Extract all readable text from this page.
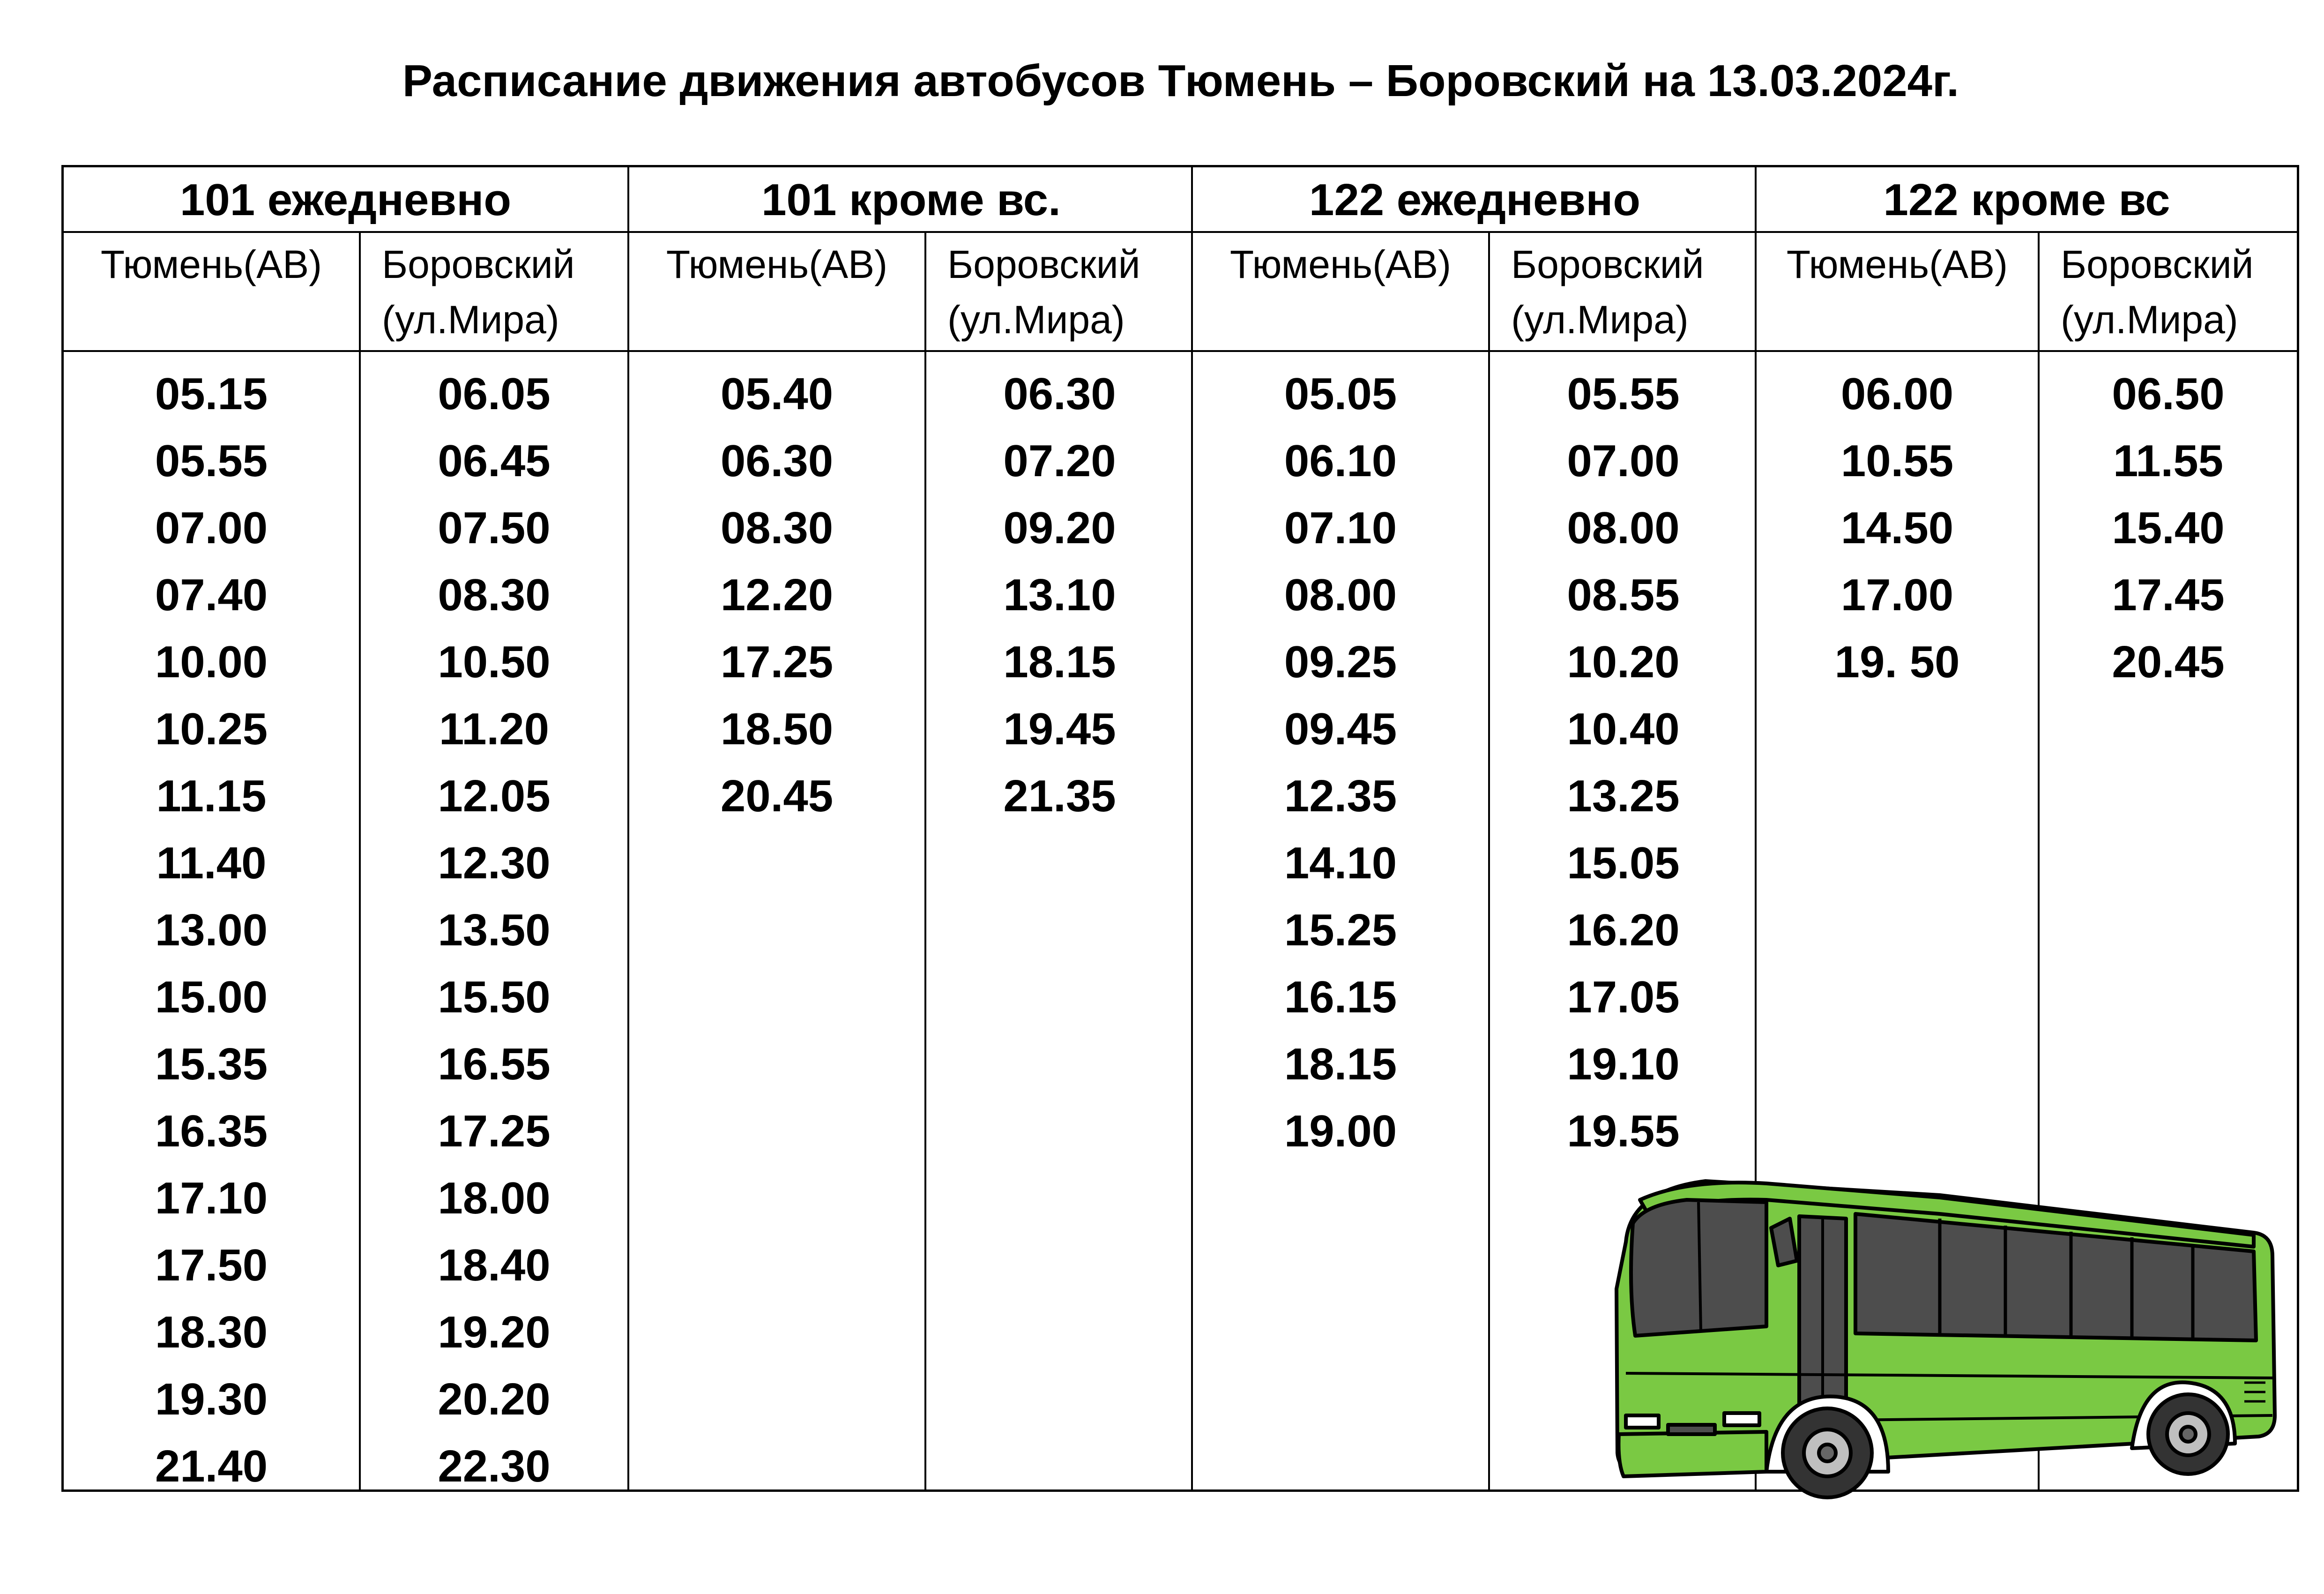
Расписание движения автобусов Тюмень – Боровский на 13.03.2024г.
101 ежедневно
Тюмень(АВ)
05.15
05.55
07.00
07.40
10.00
10.25
11.15
11.40
13.00
15.00
15.35
16.35
17.10
17.50
18.30
19.30
21.40
Боровский
(ул.Мира)
06.05
06.45
07.50
08.30
10.50
11.20
12.05
12.30
13.50
15.50
16.55
17.25
18.00
18.40
19.20
20.20
22.30
101 кроме вс.
Тюмень(АВ)
05.40
06.30
08.30
12.20
17.25
18.50
20.45
Боровский
(ул.Мира)
06.30
07.20
09.20
13.10
18.15
19.45
21.35
122 ежедневно
Тюмень(АВ)
05.05
06.10
07.10
08.00
09.25
09.45
12.35
14.10
15.25
16.15
18.15
19.00
Боровский
(ул.Мира)
05.55
07.00
08.00
08.55
10.20
10.40
13.25
15.05
16.20
17.05
19.10
19.55
122 кроме вс
Тюмень(АВ)
06.00
10.55
14.50
17.00
19. 50
Боровский
(ул.Мира)
06.50
11.55
15.40
17.45
20.45
